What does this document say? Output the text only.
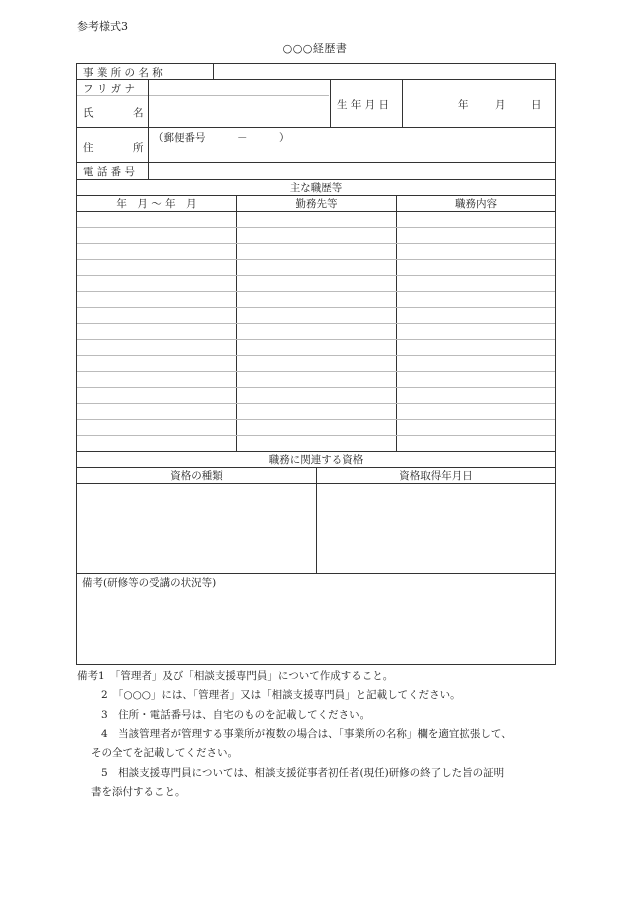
参考様式3
○○○経歴書
事 業 所 の 名 称
フ リ ガ ナ
氏	名
生 年 月 日	年	月 日
住	所
（郵便番号　　　－　　　）
電 話 番 号
主な職歴等
年　月 ～ 年　月	勤務先等	職務内容
職務に関連する資格
資格の種類	資格取得年月日
備考(研修等の受講の状況等)
備考1　「管理者」及び「相談支援専門員」について作成すること。
2　「○○○」には、「管理者」又は「相談支援専門員」と記載してください。
3　住所・電話番号は、自宅のものを記載してください。
4　当該管理者が管理する事業所が複数の場合は、「事業所の名称」欄を適宜拡張して、
その全てを記載してください。
5　相談支援専門員については、相談支援従事者初任者(現任)研修の終了した旨の証明
書を添付すること。
